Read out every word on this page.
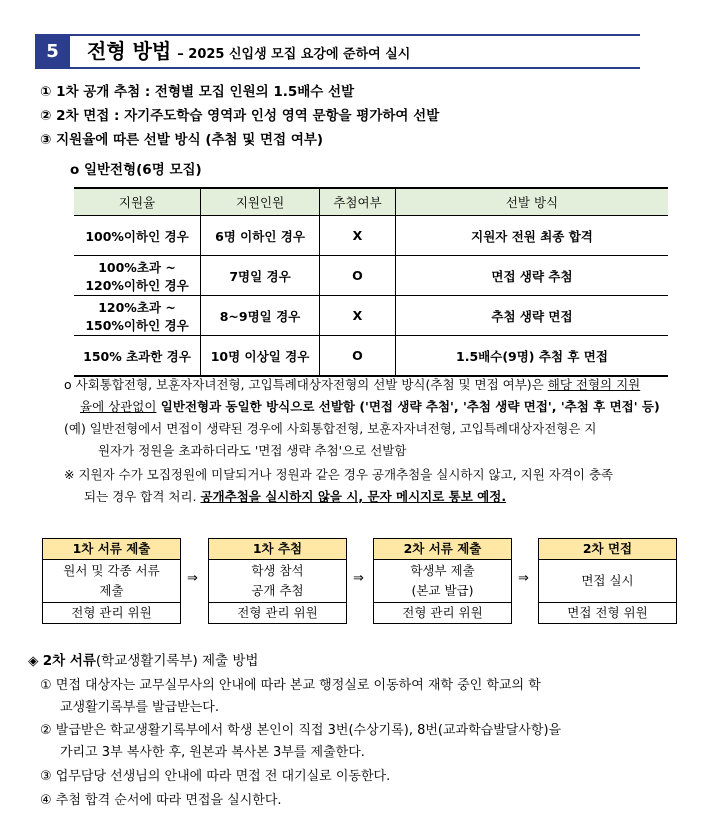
5	전형 방법 – 2025 신입생 모집 요강에 준하여 실시
① 1차 공개 추첨 : 전형별 모집 인원의 1.5배수 선발
② 2차 면접 : 자기주도학습 영역과 인성 영역 문항을 평가하여 선발
③ 지원율에 따른 선발 방식 (추첨 및 면접 여부)
o 일반전형(6명 모집)
지원율	지원인원	추첨여부	선발 방식
100%이하인 경우	6명 이하인 경우	X	지원자 전원 최종 합격
100%초과 ~
120%이하인 경우	7명일 경우	O	면접 생략 추첨
120%초과 ~
150%이하인 경우	8~9명일 경우	X	추첨 생략 면접
150% 초과한 경우	10명 이상일 경우	O	1.5배수(9명) 추첨 후 면접
o 사회통합전형, 보훈자자녀전형, 고입특례대상자전형의 선발 방식(추첨 및 면접 여부)은 해당 전형의 지원
율에 상관없이 일반전형과 동일한 방식으로 선발함 ('면접 생략 추첨', '추첨 생략 면접', '추첨 후 면접' 등)
(예) 일반전형에서 면접이 생략된 경우에 사회통합전형, 보훈자자녀전형, 고입특례대상자전형은 지
원자가 정원을 초과하더라도 '면접 생략 추첨'으로 선발함
※ 지원자 수가 모집정원에 미달되거나 정원과 같은 경우 공개추첨을 실시하지 않고, 지원 자격이 충족
되는 경우 합격 처리. 공개추첨을 실시하지 않을 시, 문자 메시지로 통보 예정.
1차 서류 제출
원서 및 각종 서류
제출
전형 관리 위원
⇒
1차 추첨
학생 참석
공개 추첨
전형 관리 위원
⇒
2차 서류 제출
학생부 제출
(본교 발급)
전형 관리 위원
⇒
2차 면접
면접 실시
면접 전형 위원
◈ 2차 서류(학교생활기록부) 제출 방법
① 면접 대상자는 교무실무사의 안내에 따라 본교 행정실로 이동하여 재학 중인 학교의 학
교생활기록부를 발급받는다.
② 발급받은 학교생활기록부에서 학생 본인이 직접 3번(수상기록), 8번(교과학습발달사항)을
가리고 3부 복사한 후, 원본과 복사본 3부를 제출한다.
③ 업무담당 선생님의 안내에 따라 면접 전 대기실로 이동한다.
④ 추첨 합격 순서에 따라 면접을 실시한다.
